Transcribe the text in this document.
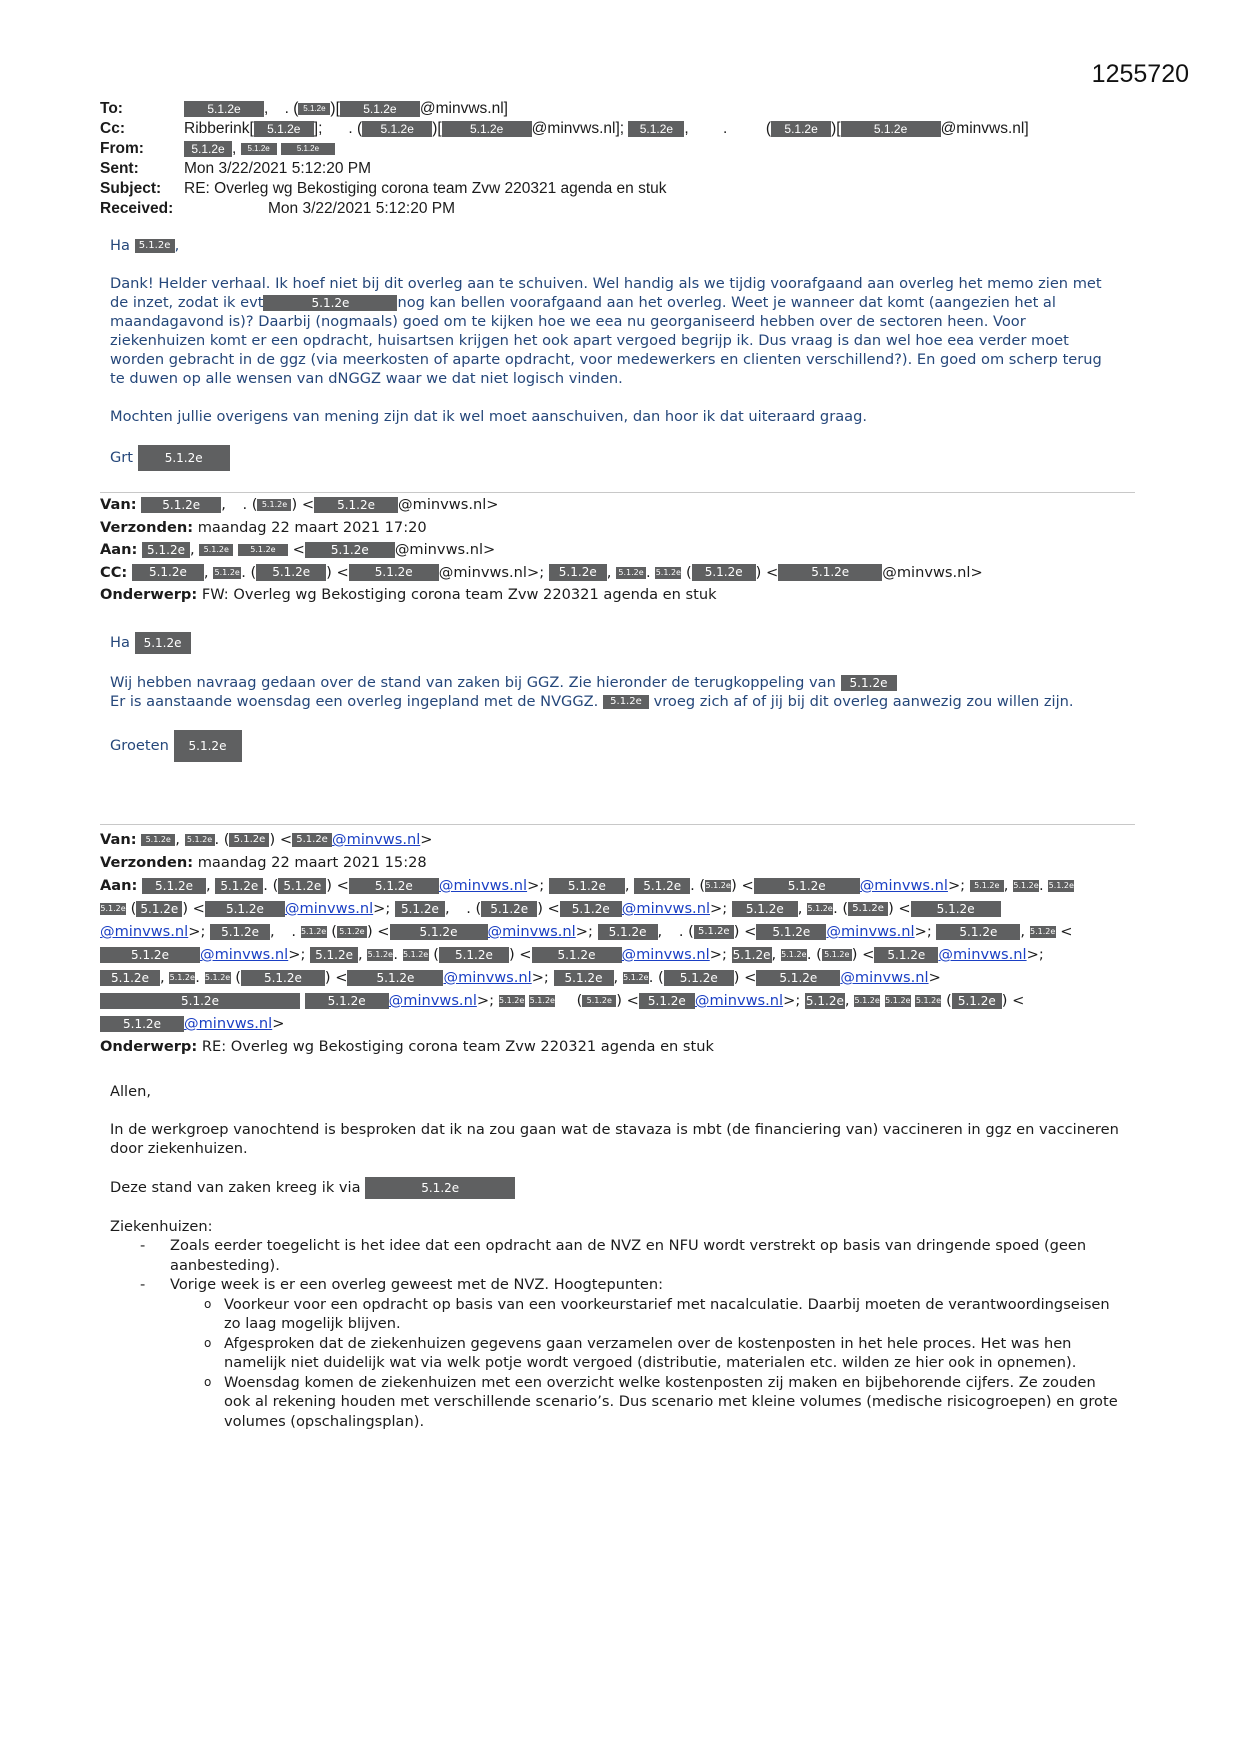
1255720
To:	5.1.2e , . ( 5.1.2e )[ 5.1.2e @minvws.nl]
Cc:	Ribberink[ 5.1.2e ]; . ( 5.1.2e )[ 5.1.2e @minvws.nl]; 5.1.2e , .  ( 5.1.2e )[	5.1.2e @minvws.nl]
From:	5.1.2e , 5.1.2e	5.1.2e
Sent:	Mon 3/22/2021 5:12:20 PM
Subject: RE: Overleg wg Bekostiging corona team Zvw 220321 agenda en stuk
Received:	Mon 3/22/2021 5:12:20 PM

Ha 5.1.2e ,

Dank! Helder verhaal. Ik hoef niet bij dit overleg aan te schuiven. Wel handig als we tijdig voorafgaand aan overleg het memo zien met de inzet, zodat ik evt	5.1.2e	nog kan bellen voorafgaand aan het overleg. Weet je wanneer dat komt (aangezien het al maandagavond is)? Daarbij (nogmaals) goed om te kijken hoe we eea nu georganiseerd hebben over de sectoren heen. Voor ziekenhuizen komt er een opdracht, huisartsen krijgen het ook apart vergoed begrijp ik. Dus vraag is dan wel hoe eea verder moet worden gebracht in de ggz (via meerkosten of aparte opdracht, voor medewerkers en clienten verschillend?). En goed om scherp terug te duwen op alle wensen van dNGGZ waar we dat niet logisch vinden.

Mochten jullie overigens van mening zijn dat ik wel moet aanschuiven, dan hoor ik dat uiteraard graag.

Grt	5.1.2e

Van: 5.1.2e , . ( 5.1.2e ) < 5.1.2e @minvws.nl>
Verzonden: maandag 22 maart 2021 17:20
Aan: 5.1.2e , 5.1.2e	5.1.2e < 5.1.2e @minvws.nl>
CC: 5.1.2e , 5.1.2e. ( 5.1.2e ) < 5.1.2e @minvws.nl>; 5.1.2e , 5.1.2e . 5.1.2e ( 5.1.2e ) <	5.1.2e @minvws.nl>
Onderwerp: FW: Overleg wg Bekostiging corona team Zvw 220321 agenda en stuk

Ha 5.1.2e

Wij hebben navraag gedaan over de stand van zaken bij GGZ. Zie hieronder de terugkoppeling van 5.1.2e
Er is aanstaande woensdag een overleg ingepland met de NVGGZ. 5.1.2e vroeg zich af of jij bij dit overleg aanwezig zou willen zijn.

Groeten 5.1.2e

Van: 5.1.2e , 5.1.2e . ( 5.1.2e ) < 5.1.2e @minvws.nl>
Verzonden: maandag 22 maart 2021 15:28
Aan: 5.1.2e , 5.1.2e . ( 5.1.2e ) < 5.1.2e @minvws.nl>; 5.1.2e , 5.1.2e . (5.1.2e) <	5.1.2e @minvws.nl>; 5.1.2e , 5.1.2e. 5.1.2e 5.1.2e ( 5.1.2e ) < 5.1.2e @minvws.nl>; 5.1.2e , . ( 5.1.2e ) < 5.1.2e @minvws.nl>; 5.1.2e , 5.1.2e. ( 5.1.2e ) < 5.1.2e@minvws.nl>; 5.1.2e , . 5.1.2e ( 5.1.2e ) <	5.1.2e @minvws.nl>; 5.1.2e , . ( 5.1.2e ) < 5.1.2e @minvws.nl>; 5.1.2e , 5.1.2e <5.1.2e @minvws.nl>; 5.1.2e , 5.1.2e. 5.1.2e ( 5.1.2e ) < 5.1.2e @minvws.nl>; 5.1.2e, 5.1.2e. ( 5.1.2e ) < 5.1.2e @minvws.nl>; 5.1.2e , 5.1.2e. 5.1.2e ( 5.1.2e ) < 5.1.2e @minvws.nl>; 5.1.2e , 5.1.2e. ( 5.1.2e ) < 5.1.2e @minvws.nl> 5.1.2e	5.1.2e @minvws.nl>; 5.1.2e 5.1.2e  ( 5.1.2e ) < 5.1.2e @minvws.nl>; 5.1.2e, 5.1.2e 5.1.2e 5.1.2e ( 5.1.2e ) <5.1.2e @minvws.nl>
Onderwerp: RE: Overleg wg Bekostiging corona team Zvw 220321 agenda en stuk

Allen,

In de werkgroep vanochtend is besproken dat ik na zou gaan wat de stavaza is mbt (de financiering van) vaccineren in ggz en vaccineren door ziekenhuizen.

Deze stand van zaken kreeg ik via	5.1.2e

Ziekenhuizen:
- Zoals eerder toegelicht is het idee dat een opdracht aan de NVZ en NFU wordt verstrekt op basis van dringende spoed (geen aanbesteding).
- Vorige week is er een overleg geweest met de NVZ. Hoogtepunten:
o Voorkeur voor een opdracht op basis van een voorkeurstarief met nacalculatie. Daarbij moeten de verantwoordingseisen zo laag mogelijk blijven.
o Afgesproken dat de ziekenhuizen gegevens gaan verzamelen over de kostenposten in het hele proces. Het was hen namelijk niet duidelijk wat via welk potje wordt vergoed (distributie, materialen etc. wilden ze hier ook in opnemen).
o Woensdag komen de ziekenhuizen met een overzicht welke kostenposten zij maken en bijbehorende cijfers. Ze zouden ook al rekening houden met verschillende scenario’s. Dus scenario met kleine volumes (medische risicogroepen) en grote volumes (opschalingsplan).
